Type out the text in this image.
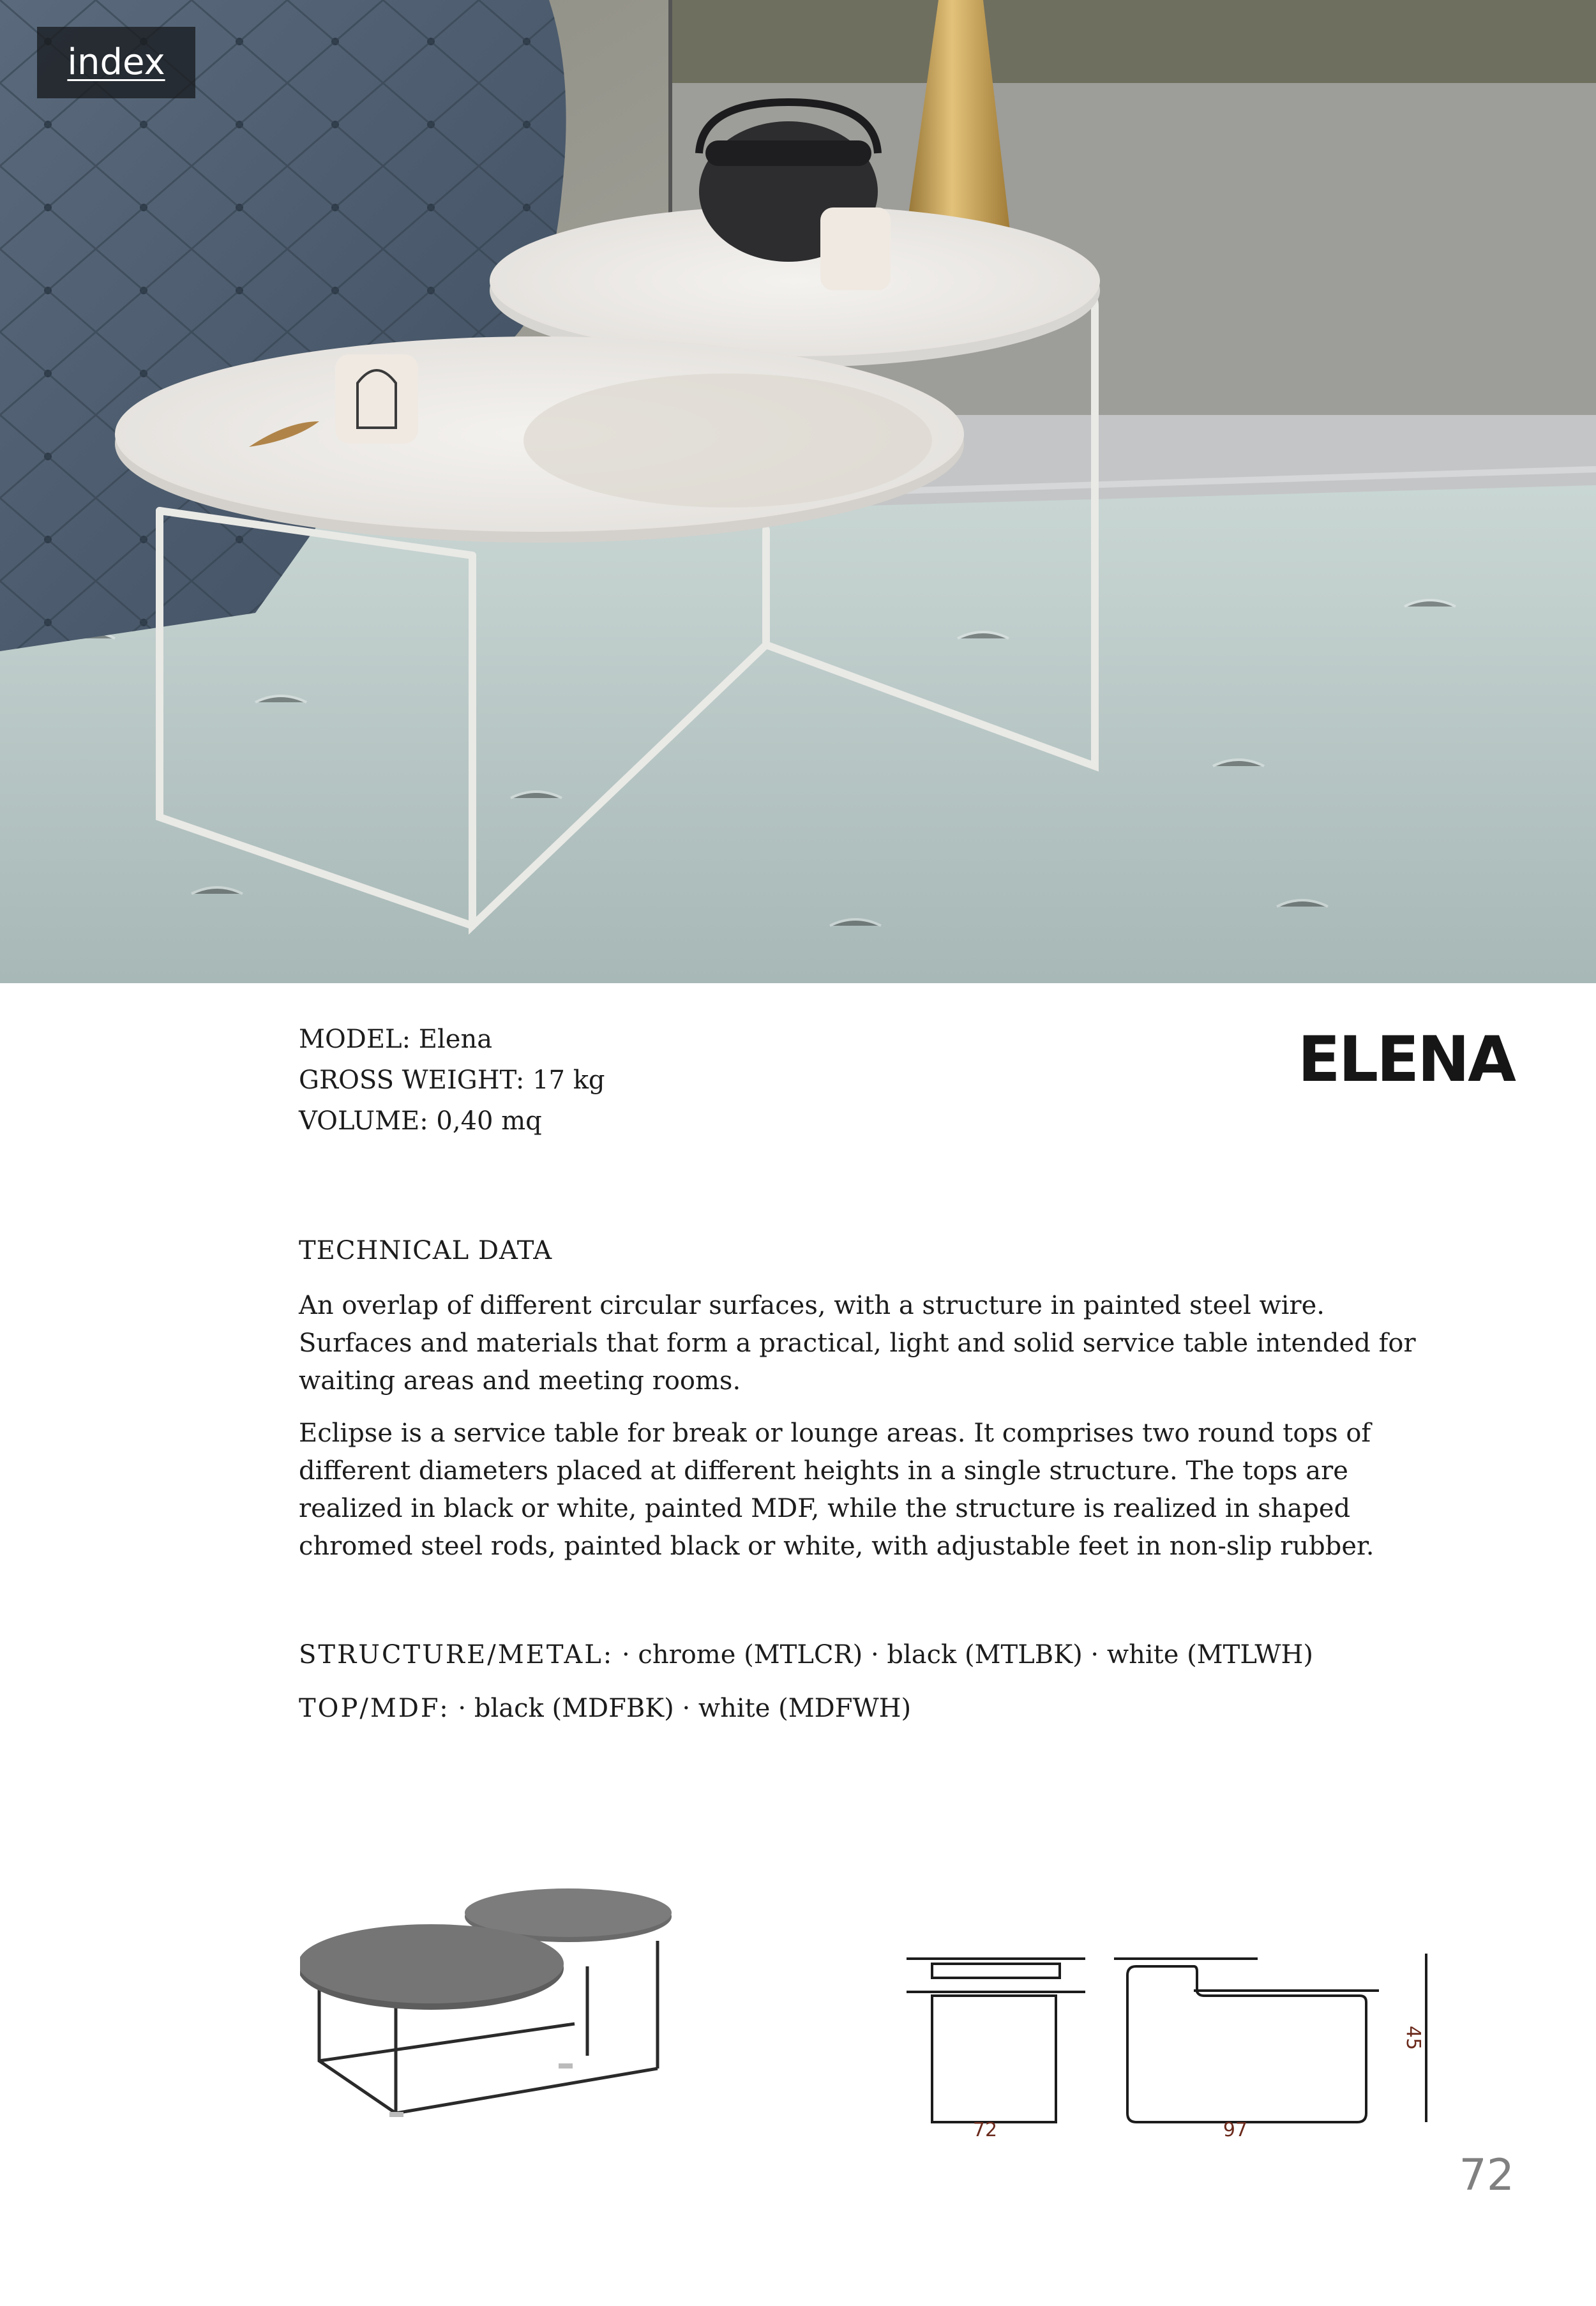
index
MODEL: Elena
GROSS WEIGHT: 17 kg
VOLUME: 0,40 mq
ELENA
TECHNICAL DATA

An overlap of different circular surfaces, with a structure in painted steel wire. Surfaces and materials that form a practical, light and solid service table intended for waiting areas and meeting rooms.

Eclipse is a service table for break or lounge areas. It comprises two round tops of different diameters placed at different heights in a single structure. The tops are realized in black or white, painted MDF, while the structure is realized in shaped chromed steel rods, painted black or white, with adjustable feet in non-slip rubber.

STRUCTURE/METAL: · chrome (MTLCR) · black (MTLBK) · white (MTLWH)
TOP/MDF: · black (MDFBK) · white (MDFWH)
72	97
45
72
